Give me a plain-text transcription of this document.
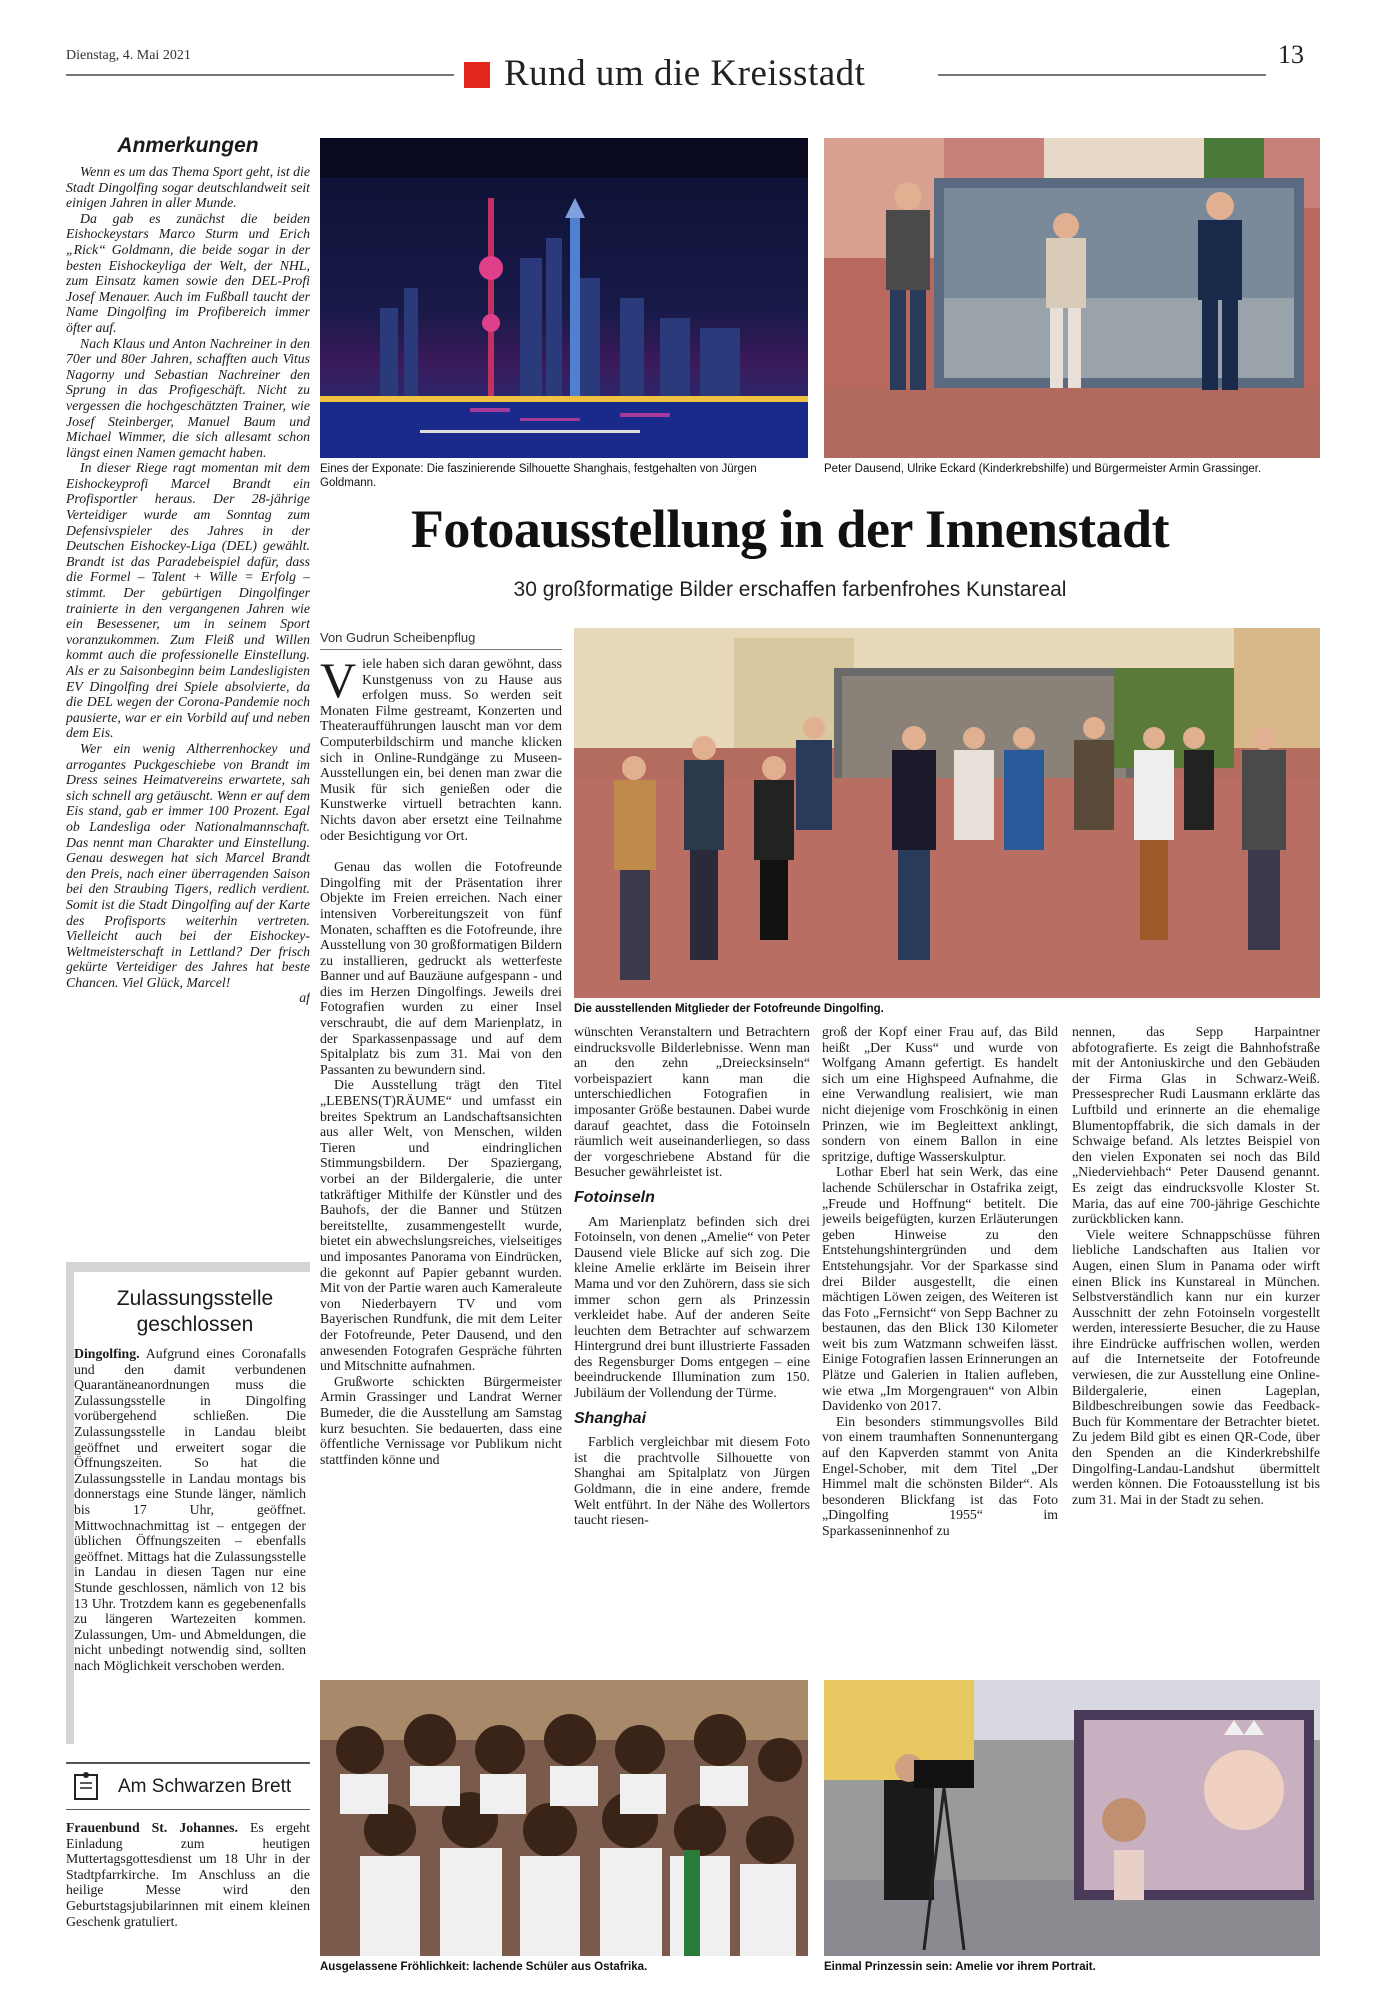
Dienstag, 4. Mai 2021	Rund um die Kreisstadt	13
Anmerkungen

Wenn es um das Thema Sport geht, ist die Stadt Dingolfing sogar deutschlandweit seit einigen Jahren in aller Munde.

Da gab es zunächst die beiden Eishockeystars Marco Sturm und Erich „Rick“ Goldmann, die beide sogar in der besten Eishockeyliga der Welt, der NHL, zum Einsatz kamen sowie den DEL-Profi Josef Menauer. Auch im Fußball taucht der Name Dingolfing im Profibereich immer öfter auf.

Nach Klaus und Anton Nachreiner in den 70er und 80er Jahren, schafften auch Vitus Nagorny und Sebastian Nachreiner den Sprung in das Profigeschäft. Nicht zu vergessen die hochgeschätzten Trainer, wie Josef Steinberger, Manuel Baum und Michael Wimmer, die sich allesamt schon längst einen Namen gemacht haben.

In dieser Riege ragt momentan mit dem Eishockeyprofi Marcel Brandt ein Profisportler heraus. Der 28-jährige Verteidiger wurde am Sonntag zum Defensivspieler des Jahres in der Deutschen Eishockey-Liga (DEL) gewählt. Brandt ist das Paradebeispiel dafür, dass die Formel – Talent + Wille = Erfolg – stimmt. Der gebürtigen Dingolfinger trainierte in den vergangenen Jahren wie ein Besessener, um in seinem Sport voranzukommen. Zum Fleiß und Willen kommt auch die professionelle Einstellung. Als er zu Saisonbeginn beim Landesligisten EV Dingolfing drei Spiele absolvierte, da die DEL wegen der Corona-Pandemie noch pausierte, war er ein Vorbild auf und neben dem Eis.

Wer ein wenig Altherrenhockey und arrogantes Puckgeschiebe von Brandt im Dress seines Heimatvereins erwartete, sah sich schnell arg getäuscht. Wenn er auf dem Eis stand, gab er immer 100 Prozent. Egal ob Landesliga oder Nationalmannschaft. Das nennt man Charakter und Einstellung. Genau deswegen hat sich Marcel Brandt den Preis, nach einer überragenden Saison bei den Straubing Tigers, redlich verdient. Somit ist die Stadt Dingolfing auf der Karte des Profisports weiterhin vertreten. Vielleicht auch bei der Eishockey-Weltmeisterschaft in Lettland? Der frisch gekürte Verteidiger des Jahres hat beste Chancen. Viel Glück, Marcel!

af
Zulassungsstelle geschlossen
Dingolfing. Aufgrund eines Coronafalls und den damit verbundenen Quarantäneanordnungen muss die Zulassungsstelle in Dingolfing vorübergehend schließen. Die Zulassungsstelle in Landau bleibt geöffnet und erweitert sogar die Öffnungszeiten. So hat die Zulassungsstelle in Landau montags bis donnerstags eine Stunde länger, nämlich bis 17 Uhr, geöffnet. Mittwochnachmittag ist – entgegen der üblichen Öffnungszeiten – ebenfalls geöffnet. Mittags hat die Zulassungsstelle in Landau in diesen Tagen nur eine Stunde geschlossen, nämlich von 12 bis 13 Uhr. Trotzdem kann es gegebenenfalls zu längeren Wartezeiten kommen. Zulassungen, Um- und Abmeldungen, die nicht unbedingt notwendig sind, sollten nach Möglichkeit verschoben werden.
Am Schwarzen Brett
Frauenbund St. Johannes. Es ergeht Einladung zum heutigen Muttertagsgottesdienst um 18 Uhr in der Stadtpfarrkirche. Im Anschluss an die heilige Messe wird den Geburtstagsjubilarinnen mit einem kleinen Geschenk gratuliert.
Eines der Exponate: Die faszinierende Silhouette Shanghais, festgehalten von Jürgen Goldmann.
Peter Dausend, Ulrike Eckard (Kinderkrebshilfe) und Bürgermeister Armin Grassinger.
Fotoausstellung in der Innenstadt
30 großformatige Bilder erschaffen farbenfrohes Kunstareal
Von Gudrun Scheibenpflug

Viele haben sich daran gewöhnt, dass Kunstgenuss von zu Hause aus erfolgen muss. So werden seit Monaten Filme gestreamt, Konzerten und Theateraufführungen lauscht man vor dem Computerbildschirm und manche klicken sich in Online-Rundgänge zu Museen-Ausstellungen ein, bei denen man zwar die Musik für sich genießen oder die Kunstwerke virtuell betrachten kann. Nichts davon aber ersetzt eine Teilnahme oder Besichtigung vor Ort.

Genau das wollen die Fotofreunde Dingolfing mit der Präsentation ihrer Objekte im Freien erreichen. Nach einer intensiven Vorbereitungszeit von fünf Monaten, schafften es die Fotofreunde, ihre Ausstellung von 30 großformatigen Bildern zu installieren, gedruckt als wetterfeste Banner und auf Bauzäune aufgespann - und dies im Herzen Dingolfings. Jeweils drei Fotografien wurden zu einer Insel verschraubt, die auf dem Marienplatz, in der Sparkassenpassage und auf dem Spitalplatz bis zum 31. Mai von den Passanten zu bewundern sind.

Die Ausstellung trägt den Titel „LEBENS(T)RÄUME“ und umfasst ein breites Spektrum an Landschaftsansichten aus aller Welt, von Menschen, wilden Tieren und eindringlichen Stimmungsbildern. Der Spaziergang, vorbei an der Bildergalerie, die unter tatkräftiger Mithilfe der Künstler und des Bauhofs, der die Banner und Stützen bereitstellte, zusammengestellt wurde, bietet ein abwechslungsreiches, vielseitiges und imposantes Panorama von Eindrücken, die gekonnt auf Papier gebannt wurden. Mit von der Partie waren auch Kameraleute von Niederbayern TV und vom Bayerischen Rundfunk, die mit dem Leiter der Fotofreunde, Peter Dausend, und den anwesenden Fotografen Gespräche führten und Mitschnitte aufnahmen.

Grußworte schickten Bürgermeister Armin Grassinger und Landrat Werner Bumeder, die die Ausstellung am Samstag kurz besuchten. Sie bedauerten, dass eine öffentliche Vernissage vor Publikum nicht stattfinden könne und

Die ausstellenden Mitglieder der Fotofreunde Dingolfing.

wünschten Veranstaltern und Betrachtern eindrucksvolle Bilderlebnisse. Wenn man an den zehn „Dreiecksinseln“ vorbeispaziert kann man die unterschiedlichen Fotografien in imposanter Größe bestaunen. Dabei wurde darauf geachtet, dass die Fotoinseln räumlich weit auseinanderliegen, so dass der vorgeschriebene Abstand für die Besucher gewährleistet ist.

Fotoinseln

Am Marienplatz befinden sich drei Fotoinseln, von denen „Amelie“ von Peter Dausend viele Blicke auf sich zog. Die kleine Amelie erklärte im Beisein ihrer Mama und vor den Zuhörern, dass sie sich immer schon gern als Prinzessin verkleidet habe. Auf der anderen Seite leuchten dem Betrachter auf schwarzem Hintergrund drei bunt illustrierte Fassaden des Regensburger Doms entgegen – eine beeindruckende Illumination zum 150. Jubiläum der Vollendung der Türme.

Shanghai

Farblich vergleichbar mit diesem Foto ist die prachtvolle Silhouette von Shanghai am Spitalplatz von Jürgen Goldmann, die in eine andere, fremde Welt entführt. In der Nähe des Wollertors taucht riesen-

groß der Kopf einer Frau auf, das Bild heißt „Der Kuss“ und wurde von Wolfgang Amann gefertigt. Es handelt sich um eine Highspeed Aufnahme, die eine Verwandlung realisiert, wie man nicht diejenige vom Froschkönig in einen Prinzen, wie im Begleittext anklingt, sondern von einem Ballon in eine spritzige, duftige Wasserskulptur.

Lothar Eberl hat sein Werk, das eine lachende Schülerschar in Ostafrika zeigt, „Freude und Hoffnung“ betitelt. Die jeweils beigefügten, kurzen Erläuterungen geben Hinweise zu den Entstehungshintergründen und dem Entstehungsjahr. Vor der Sparkasse sind drei Bilder ausgestellt, die einen mächtigen Löwen zeigen, des Weiteren ist das Foto „Fernsicht“ von Sepp Bachner zu bestaunen, das den Blick 130 Kilometer weit bis zum Watzmann schweifen lässt. Einige Fotografien lassen Erinnerungen an Plätze und Galerien in Italien aufleben, wie etwa „Im Morgengrauen“ von Albin Davidenko von 2017.

Ein besonders stimmungsvolles Bild von einem traumhaften Sonnenuntergang auf den Kapverden stammt von Anita Engel-Schober, mit dem Titel „Der Himmel malt die schönsten Bilder“. Als besonderen Blickfang ist das Foto „Dingolfing 1955“ im Sparkasseninnenhof zu

nennen, das Sepp Harpaintner abfotografierte. Es zeigt die Bahnhofstraße mit der Antoniuskirche und den Gebäuden der Firma Glas in Schwarz-Weiß. Pressesprecher Rudi Lausmann erklärte das Luftbild und erinnerte an die ehemalige Blumentopffabrik, die sich damals in der Schwaige befand. Als letztes Beispiel von den vielen Exponaten sei noch das Bild „Niederviehbach“ Peter Dausend genannt. Es zeigt das eindrucksvolle Kloster St. Maria, das auf eine 700-jährige Geschichte zurückblicken kann.

Viele weitere Schnappschüsse führen liebliche Landschaften aus Italien vor Augen, einen Slum in Panama oder wirft einen Blick ins Kunstareal in München. Selbstverständlich kann nur ein kurzer Ausschnitt der zehn Fotoinseln vorgestellt werden, interessierte Besucher, die zu Hause ihre Eindrücke auffrischen wollen, werden auf die Internetseite der Fotofreunde verwiesen, die zur Ausstellung eine Online-Bildergalerie, einen Lageplan, Bildbeschreibungen sowie das Feedback-Buch für Kommentare der Betrachter bietet. Zu jedem Bild gibt es einen QR-Code, über den Spenden an die Kinderkrebshilfe Dingolfing-Landau-Landshut übermittelt werden können. Die Fotoausstellung ist bis zum 31. Mai in der Stadt zu sehen.

Ausgelassene Fröhlichkeit: lachende Schüler aus Ostafrika.	Einmal Prinzessin sein: Amelie vor ihrem Portrait.
